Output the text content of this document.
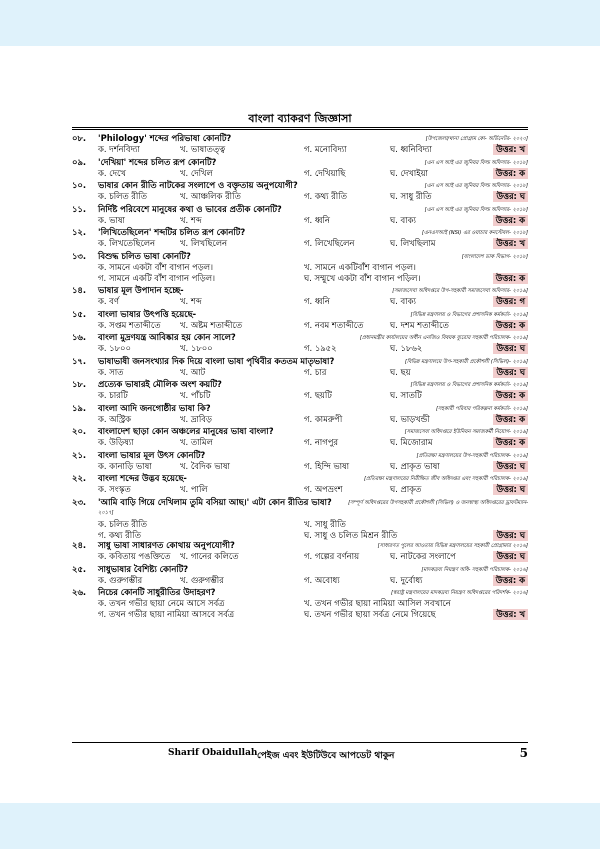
বাংলা ব্যাকরণ জিজ্ঞাসা
০৮. 'Philology' শব্দের পরিভাষা কোনটি?	[উপজেলা/থানা প্রোগ্রাম কো- অর্ডিনেটর- ২০২০]
ক. দর্শনবিদ্যা	খ. ভাষাতত্ত্ব	গ. মনোবিদ্যা	ঘ. ধ্বনিবিদ্যা	উত্তর: খ
০৯. 'দেখিয়া' শব্দের চলিত রূপ কোনটি?	[এন এস আই এর জুনিয়র ফিল্ড অফিসার- ২০১৮]
ক. দেখে	খ. দেখিল	গ. দেখিয়াছি	ঘ. দেখাইয়া	উত্তর: ক
১০. ভাষার কোন রীতি নাটকের সংলাপে ও বক্তৃতায় অনুপযোগী?	[এন এস আই এর জুনিয়র ফিল্ড অফিসার- ২০১৮]
ক. চলিত রীতি	খ. আঞ্চলিক রীতি	গ. কথ্য রীতি	ঘ. সাধু রীতি	উত্তর: ঘ
১১. নির্দিষ্ট পরিবেশে মানুষের কথা ও ভাবের প্রতীক কোনটি?	[এন এস আই এর জুনিয়র ফিল্ড অফিসার- ২০১৮]
ক. ভাষা	খ. শব্দ	গ. ধ্বনি	ঘ. বাক্য	উত্তর: ক
১২. 'লিখিতেছিলেন' শব্দটির চলিত রূপ কোনটি?	[এনএসআই (NSI) এর ওয়াচার কনস্টেবল- ২০১৮]
ক. লিখতেছিলেন	খ. লিখছিলেন	গ. লিখেছিলেন	ঘ. লিখছিলাম	উত্তর: খ
১৩. বিশুদ্ধ চলিত ভাষা কোনটি?	[বাংলাদেশ ডাক বিভাগ- ২০১৮]
ক. সামনে একটা বাঁশ বাগান পড়ল।	খ. সামনে একটিবাঁশ বাগান পড়ল।
গ. সামনে একটি বাঁশ বাগান পড়িল।	ঘ. সম্মুখে একটা বাঁশ বাগান পড়িল।	উত্তর: ক
১৪. ভাষার মূল উপাদান হচ্ছে-	[সমাজসেবা অধিদপ্তরে উপ-সহকারী সমাজসেবা অফিসার- ২০১৯]
ক. বর্ণ	খ. শব্দ	গ. ধ্বনি	ঘ. বাক্য	উত্তর: গ
১৫. বাংলা ভাষার উৎপত্তি হয়েছে-	[বিভিন্ন মন্ত্রণালয় ও বিভাগের প্রশাসনিক কর্মকর্তা- ২০১৯]
ক. সপ্তম শতাব্দীতে খ. অষ্টম শতাব্দীতে	গ. নবম শতাব্দীতে	ঘ. দশম শতাব্দীতে	উত্তর: ক
১৬. বাংলা মুদ্রণযন্ত্র আবিষ্কার হয় কোন সালে?	[প্রধানমন্ত্রীর কার্যালয়ের অধীন এনজিও বিষয়ক ব্যুরোর সহকারী পরিচালক- ২০১৯]
ক. ১৮০০	খ. ১৮০০	গ. ১৯৫২	ঘ. ১৮৬২	উত্তর: ঘ
১৭. ভাষাভাষী জনসংখ্যার দিক দিয়ে বাংলা ভাষা পৃথিবীর কততম মাতৃভাষা?	[বিভিন্ন মন্ত্রণালয়ে উপ-সহকারী প্রকৌশলী (সিভিল)- ২০১৯]
ক. সাত	খ. আট	গ. চার	ঘ. ছয়	উত্তর: ঘ
১৮. প্রত্যেক ভাষারই মৌলিক অংশ কয়টি?	[বিভিন্ন মন্ত্রণালয় ও বিভাগের প্রশাসনিক কর্মকর্তা- ২০১৯]
ক. চারটি	খ. পাঁচটি	গ. ছয়টি	ঘ. সাতটি	উত্তর: ক
১৯. বাংলা আদি জনগোষ্ঠীর ভাষা কি?	[সহকারী পরিবার পরিকল্পনা কর্মকর্তা- ২০১৯]
ক. অস্ট্রিক	খ. দ্রাবিড়	গ. কামরুপী	ঘ. ভাড়খন্ডী	উত্তর: ক
২০. বাংলাদেশ ছাড়া কোন অঞ্চলের মানুষের ভাষা বাংলা?	[সমাজসেবা অধিদপ্তরে ইউনিয়ন সমাজকর্মী নিয়োগ- ২০১৯]
ক. উড়িষ্যা	খ. তামিল	গ. নাগপুর	ঘ. মিজোরাম	উত্তর: ক
২১. বাংলা ভাষার মূল উৎস কোনটি?	[প্রতিরক্ষা মন্ত্রণালয়ের উপ-সহকারী পরিচালক- ২০১৯]
ক. কানাড়ি ভাষা	খ. বৈদিক ভাষা	গ. হিন্দি ভাষা	ঘ. প্রাকৃত ভাষা	উত্তর: ঘ
২২. বাংলা শব্দের উদ্ভব হয়েছে-	[প্রতিরক্ষা মন্ত্রণালয়ের নিরীক্ষিত জীব অধিদপ্তর এবং সহকারী পরিচালক- ২০১৯]
ক. সংস্কৃত	খ. পালি	গ. অপভ্রংশ	ঘ. প্রাকৃত	উত্তর: ঘ
২৩. 'আমি বাড়ি গিয়ে দেখিলাম তুমি বসিয়া আছ।' এটা কোন রীতির ভাষা?	[সম্পূর্ণ অধিদপ্তরের উপসহকারী প্রকৌশলী (সিভিল) ও জনস্বাস্থ্য অধিদপ্তরের ড্রাফটম্যান-
২০১৭]
ক. চলিত রীতি	খ. সাধু রীতি
গ. কথ্য রীতি	ঘ. সাধু ও চলিত মিশ্রন রীতি	উত্তর: ঘ
২৪. সাধু ভাষা সাধারণত কোথায় অনুপযোগী?	[সাধারণত পুলের আওতায় বিভিন্ন মন্ত্রণালয়ের সহকারী প্রোগ্রামার ২০১৬]
ক. কবিতায় পঙক্তিতে খ. গানের কলিতে	গ. গল্পের বর্ণনায়	ঘ. নাটকের সংলাপে	উত্তর: ঘ
২৫. সাধুভাষার বৈশিষ্ট্য কোনটি?	[মাদকদ্রব্য নিয়ন্ত্রণ অধি- সহকারী পরিচালক- ২০১৬]
ক. গুরুগম্ভীর	খ. গুরুগম্ভীর	গ. অবোধ্য	ঘ. দুর্বোধ্য	উত্তর: ক
২৬. নিচের কোনটি সাধুরীতির উদাহরণ?	[স্বরাষ্ট্র মন্ত্রণালয়ের মাদকদ্রব্য নিয়ন্ত্রণ অধিদপ্তরের পরিদর্শক- ২০১৬]
ক. তখন গভীর ছায়া নেমে আসে সর্বত্র	খ. তখন গভীর ছায়া নামিয়া আসিল সবখানে
গ. তখন গভীর ছায়া নামিয়া আসবে সর্বত্র	ঘ. তখন গভীর ছায়া সর্বত্র নেমে গিয়েছে	উত্তর: খ
Sharif Obaidullah পেইজ এবং ইউটিউবে আপডেট থাকুন	5
